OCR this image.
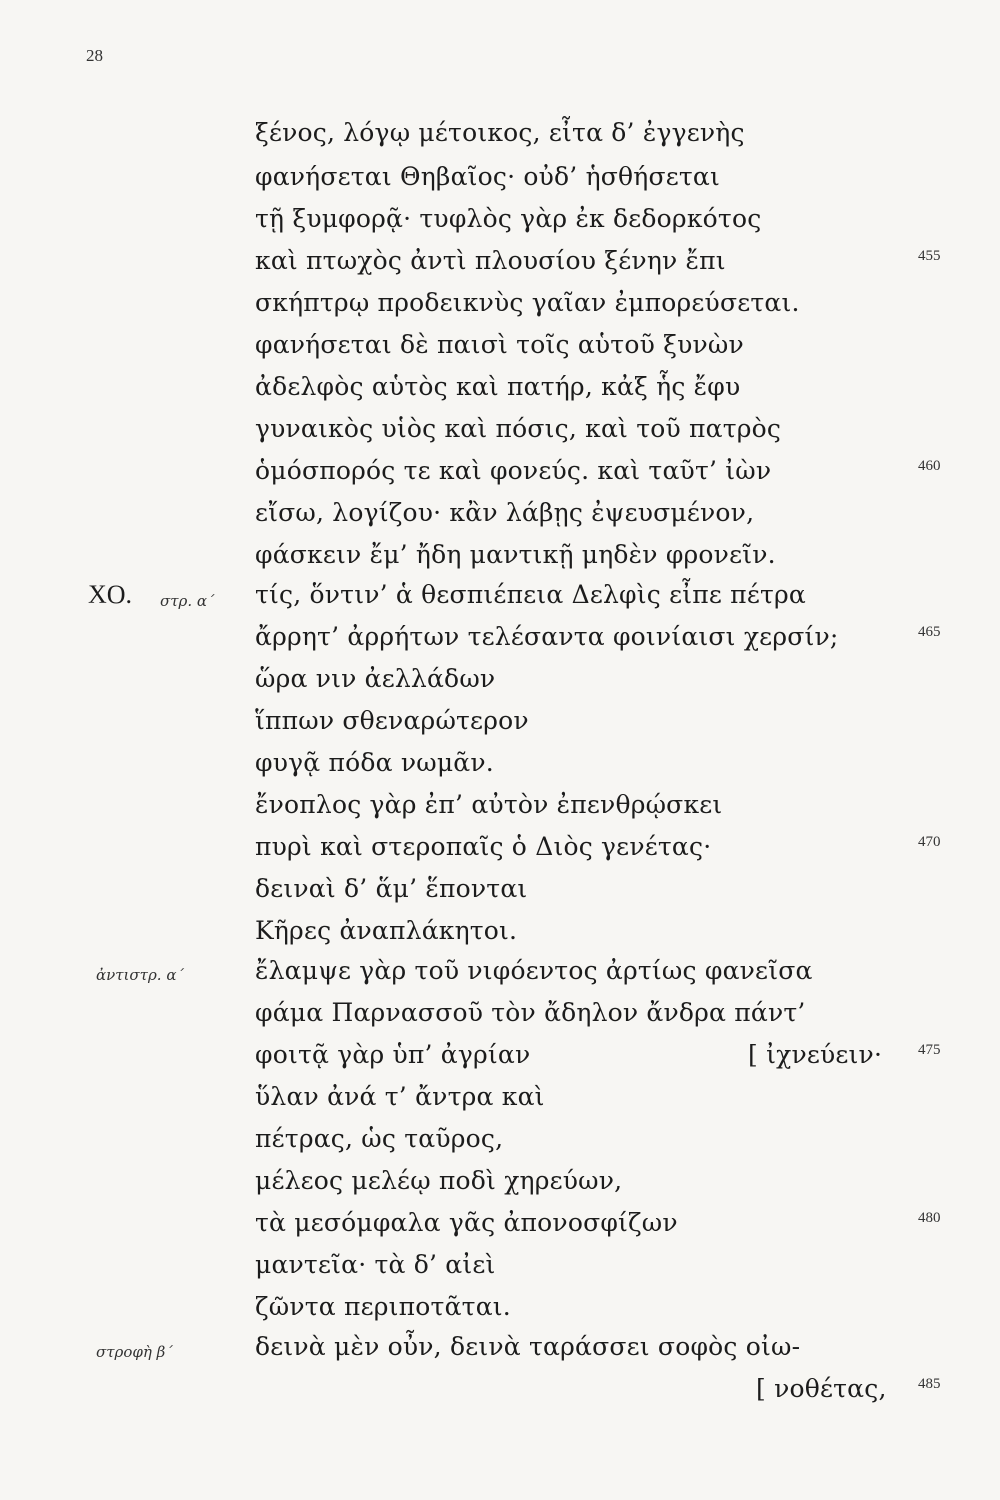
28
ξένος, λόγῳ μέτοικος, εἶτα δ’ ἐγγενὴς
φανήσεται Θηβαῖος· οὐδ’ ἡσθήσεται
τῇ ξυμφορᾷ· τυφλὸς γὰρ ἐκ δεδορκότος
καὶ πτωχὸς ἀντὶ πλουσίου ξένην ἔπι
σκήπτρῳ προδεικνὺς γαῖαν ἐμπορεύσεται.
φανήσεται δὲ παισὶ τοῖς αὑτοῦ ξυνὼν
ἀδελφὸς αὑτὸς καὶ πατήρ, κἀξ ἧς ἔφυ
γυναικὸς υἱὸς καὶ πόσις, καὶ τοῦ πατρὸς
ὁμόσπορός τε καὶ φονεύς. καὶ ταῦτ’ ἰὼν
εἴσω, λογίζου· κἂν λάβῃς ἐψευσμένον,
φάσκειν ἔμ’ ἤδη μαντικῇ μηδὲν φρονεῖν.
τίς, ὅντιν’ ἁ θεσπιέπεια Δελφὶς εἶπε πέτρα
ἄρρητ’ ἀρρήτων τελέσαντα φοινίαισι χερσίν;
ὥρα νιν ἀελλάδων
ἵππων σθεναρώτερον
φυγᾷ πόδα νωμᾶν.
ἔνοπλος γὰρ ἐπ’ αὐτὸν ἐπενθρῴσκει
πυρὶ καὶ στεροπαῖς ὁ Διὸς γενέτας·
δειναὶ δ’ ἅμ’ ἕπονται
Κῆρες ἀναπλάκητοι.
ἔλαμψε γὰρ τοῦ νιφόεντος ἀρτίως φανεῖσα
φάμα Παρνασσοῦ τὸν ἄδηλον ἄνδρα πάντ’
φοιτᾷ γὰρ ὑπ’ ἀγρίαν
ὕλαν ἀνά τ’ ἄντρα καὶ
πέτρας, ὡς ταῦρος,
μέλεος μελέῳ ποδὶ χηρεύων,
τὰ μεσόμφαλα γᾶς ἀπονοσφίζων
μαντεῖα· τὰ δ’ αἰεὶ
ζῶντα περιποτᾶται.
δεινὰ μὲν οὖν, δεινὰ ταράσσει σοφὸς οἰω-
[ νοθέτας,
[ ἰχνεύειν·
455
460
465
470
475
480
485
ΧΟ. στρ. α΄
ἀντιστρ. α΄
στροφὴ β΄
